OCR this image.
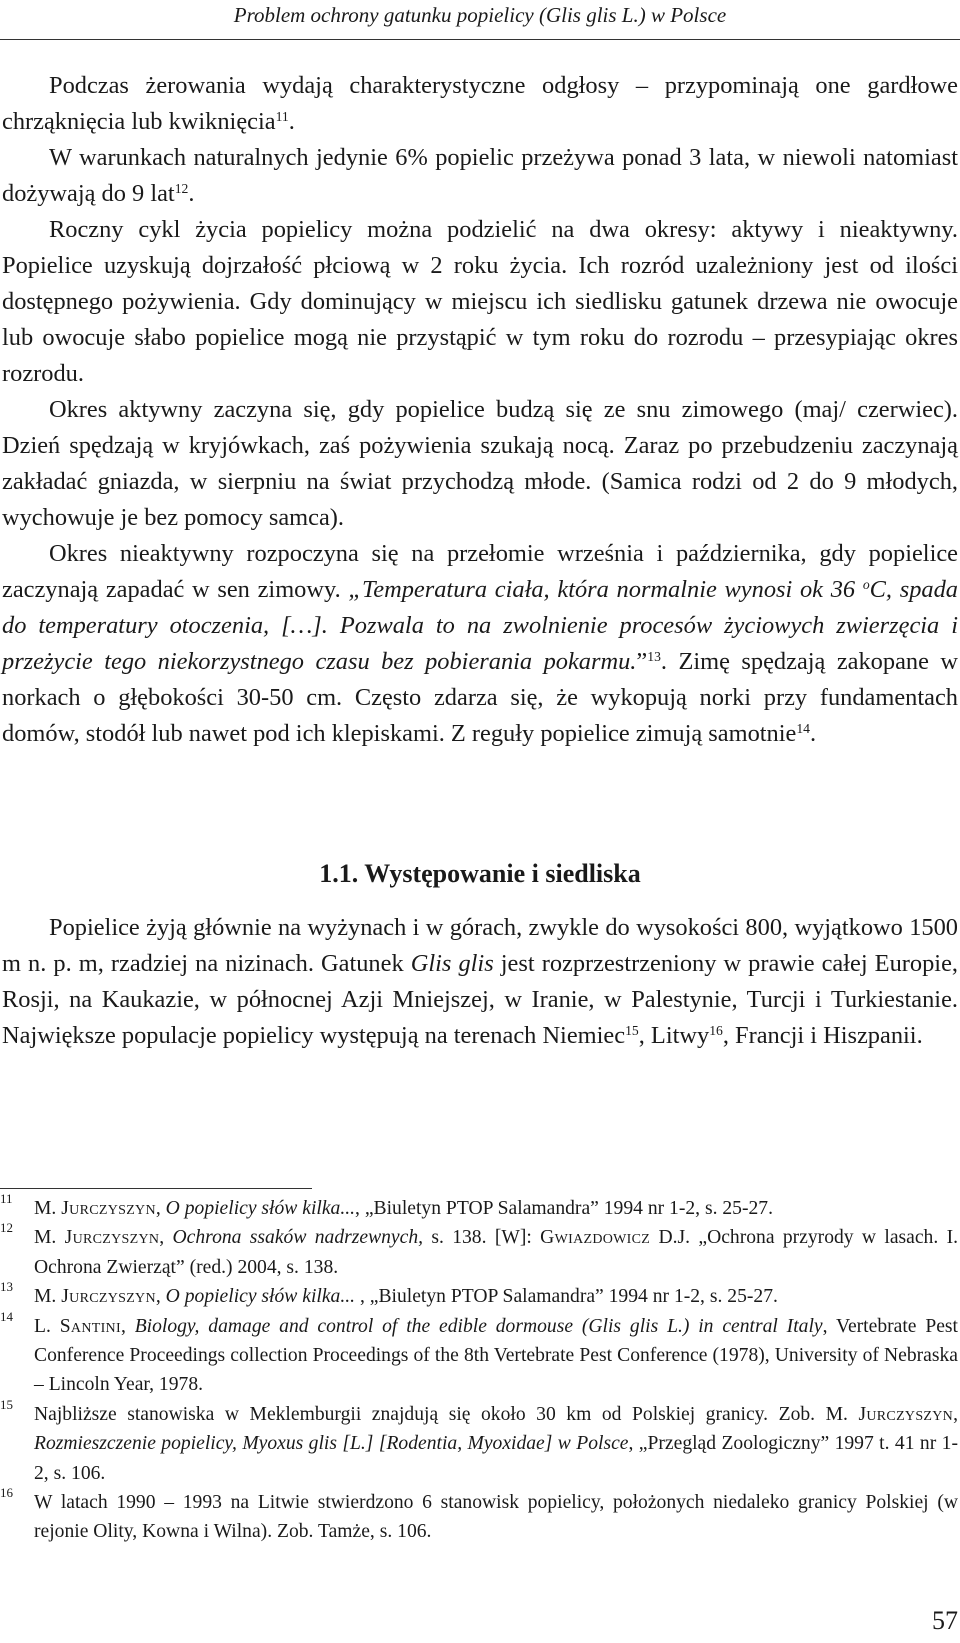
Problem ochrony gatunku popielicy (Glis glis L.) w Polsce

Podczas żerowania wydają charakterystyczne odgłosy – przypominają one gardłowe chrząknięcia lub kwiknięcia$^{11}$.

W warunkach naturalnych jedynie 6% popielic przeżywa ponad 3 lata, w niewoli natomiast dożywają do 9 lat$^{12}$.

Roczny cykl życia popielicy można podzielić na dwa okresy: aktywy i nieaktywny. Popielice uzyskują dojrzałość płciową w 2 roku życia. Ich rozród uzależniony jest od ilości dostępnego pożywienia. Gdy dominujący w miejscu ich siedlisku gatunek drzewa nie owocuje lub owocuje słabo popielice mogą nie przystąpić w tym roku do rozrodu – przesypiając okres rozrodu.

Okres aktywny zaczyna się, gdy popielice budzą się ze snu zimowego (maj/ czerwiec). Dzień spędzają w kryjówkach, zaś pożywienia szukają nocą. Zaraz po przebudzeniu zaczynają zakładać gniazda, w sierpniu na świat przychodzą młode. (Samica rodzi od 2 do 9 młodych, wychowuje je bez pomocy samca).

Okres nieaktywny rozpoczyna się na przełomie września i października, gdy popielice zaczynają zapadać w sen zimowy. „Temperatura ciała, która normalnie wynosi ok 36 $^o$C, spada do temperatury otoczenia, […]. Pozwala to na zwolnienie procesów życiowych zwierzęcia i przeżycie tego niekorzystnego czasu bez pobierania pokarmu.”$^{13}$. Zimę spędzają zakopane w norkach o głębokości 30-50 cm. Często zdarza się, że wykopują norki przy fundamentach domów, stodół lub nawet pod ich klepiskami. Z reguły popielice zimują samotnie$^{14}$.

1.1. Występowanie i siedliska

Popielice żyją głównie na wyżynach i w górach, zwykle do wysokości 800, wyjątkowo 1500 m n. p. m, rzadziej na nizinach. Gatunek Glis glis jest rozprzestrzeniony w prawie całej Europie, Rosji, na Kaukazie, w północnej Azji Mniejszej, w Iranie, w Palestynie, Turcji i Turkiestanie. Największe populacje popielicy występują na terenach Niemiec$^{15}$, Litwy$^{16}$, Francji i Hiszpanii.

11 M. Jurczyszyn, O popielicy słów kilka..., „Biuletyn PTOP Salamandra” 1994 nr 1-2, s. 25-27.
12 M. Jurczyszyn, Ochrona ssaków nadrzewnych, s. 138. [W]: Gwiazdowicz D.J. „Ochrona przyrody w lasach. I. Ochrona Zwierząt” (red.) 2004, s. 138.
13 M. Jurczyszyn, O popielicy słów kilka... , „Biuletyn PTOP Salamandra” 1994 nr 1-2, s. 25-27.
14 L. Santini, Biology, damage and control of the edible dormouse (Glis glis L.) in central Italy, Vertebrate Pest Conference Proceedings collection Proceedings of the 8th Vertebrate Pest Conference (1978), University of Nebraska – Lincoln Year, 1978.
15 Najbliższe stanowiska w Meklemburgii znajdują się około 30 km od Polskiej granicy. Zob. M. Jurczyszyn, Rozmieszczenie popielicy, Myoxus glis [L.] [Rodentia, Myoxidae] w Polsce, „Przegląd Zoologiczny” 1997 t. 41 nr 1-2, s. 106.
16 W latach 1990 – 1993 na Litwie stwierdzono 6 stanowisk popielicy, położonych niedaleko granicy Polskiej (w rejonie Olity, Kowna i Wilna). Zob. Tamże, s. 106.
57
